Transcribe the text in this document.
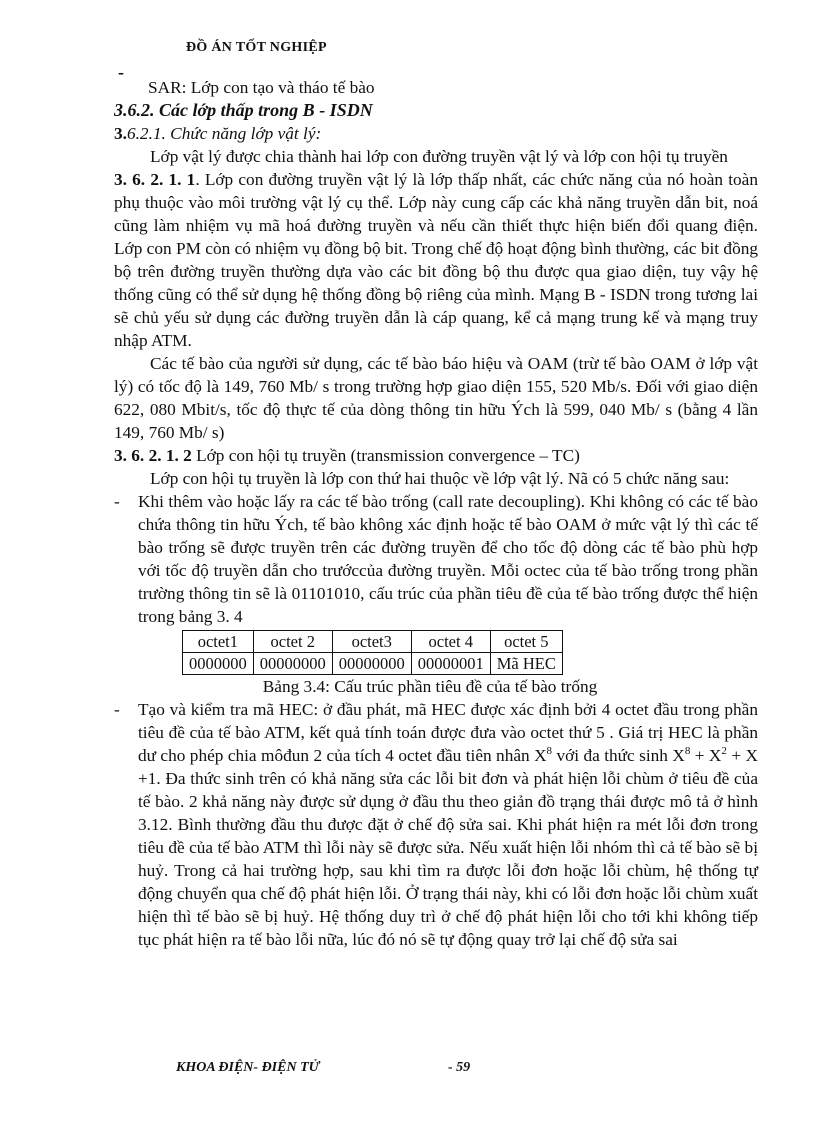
ĐỒ ÁN TỐT NGHIỆP
-

SAR: Lớp con tạo và tháo tế bào

3.6.2. Các lớp thấp trong B - ISDN

3.6.2.1. Chức năng lớp vật lý:

Lớp vật lý được chia thành hai lớp con đường truyền vật lý và lớp con hội tụ truyền

3. 6. 2. 1. 1. Lớp con đường truyền vật lý là lớp thấp nhất, các chức năng của nó hoàn toàn phụ thuộc vào môi trường vật lý cụ thể. Lớp này cung cấp các khả năng truyền dẫn bit, noá cũng làm nhiệm vụ mã hoá đường truyền và nếu cần thiết thực hiện biến đổi quang điện. Lớp con PM còn có nhiệm vụ đồng bộ bit. Trong chế độ hoạt động bình thường, các bit đồng bộ trên đường truyền thường dựa vào các bit đồng bộ thu được qua giao diện, tuy vậy hệ thống cũng có thể sử dụng hệ thống đồng bộ riêng của mình. Mạng B - ISDN trong tương lai sẽ chủ yếu sử dụng các đường truyền dẫn là cáp quang, kể cả mạng trung kế và mạng truy nhập ATM.

Các tế bào của người sử dụng, các tế bào báo hiệu và OAM (trừ tế bào OAM ở lớp vật lý) có tốc độ là 149, 760 Mb/ s trong trường hợp giao diện 155, 520 Mb/s. Đối với giao diện 622, 080 Mbit/s, tốc độ thực tế của dòng thông tin hữu Ých là 599, 040 Mb/ s (bằng 4 lần 149, 760 Mb/ s)

3. 6. 2. 1. 2 Lớp con hội tụ truyền (transmission convergence – TC)

Lớp con hội tụ truyền là lớp con thứ hai thuộc về lớp vật lý. Nã có 5 chức năng sau:

- Khi thêm vào hoặc lấy ra các tế bào trống (call rate decoupling). Khi không có các tế bào chứa thông tin hữu Ých, tế bào không xác định hoặc tế bào OAM ở mức vật lý thì các tế bào trống sẽ được truyền trên các đường truyền để cho tốc độ dòng các tế bào phù hợp với tốc độ truyền dẫn cho trướccủa đường truyền. Mỗi octec của tế bào trống trong phần trường thông tin sẽ là 01101010, cấu trúc của phần tiêu đề của tế bào trống được thể hiện trong bảng 3. 4

octet1	octet 2	octet3	octet 4	octet 5
0000000	00000000	00000000	00000001	Mã HEC

Bảng 3.4: Cấu trúc phần tiêu đề của tế bào trống

- Tạo và kiểm tra mã HEC: ở đầu phát, mã HEC được xác định bởi 4 octet đầu trong phần tiêu đề của tế bào ATM, kết quả tính toán được đưa vào octet thứ 5 . Giá trị HEC là phần dư cho phép chia môđun 2 của tích 4 octet đầu tiên nhân $X^8$ với đa thức $\sinh X^8 + X^2 + X +1$. Đa thức sinh trên có khả năng sửa các lỗi bit đơn và phát hiện lỗi chùm ở tiêu đề của tế bào. 2 khả năng này được sử dụng ở đầu thu theo giản đồ trạng thái được mô tả ở hình 3.12. Bình thường đầu thu được đặt ở chế độ sửa sai. Khi phát hiện ra mét lỗi đơn trong tiêu đề của tế bào ATM thì lỗi này sẽ được sửa. Nếu xuất hiện lỗi nhóm thì cả tế bào sẽ bị huỷ. Trong cả hai trường hợp, sau khi tìm ra được lỗi đơn hoặc lỗi chùm, hệ thống tự động chuyển qua chế độ phát hiện lỗi. Ở trạng thái này, khi có lỗi đơn hoặc lỗi chùm xuất hiện thì tế bào sẽ bị huỷ. Hệ thống duy trì ở chế độ phát hiện lỗi cho tới khi không tiếp tục phát hiện ra tế bào lỗi nữa, lúc đó nó sẽ tự động quay trở lại chế độ sửa sai

KHOA ĐIỆN- ĐIỆN TỬ	- 59
